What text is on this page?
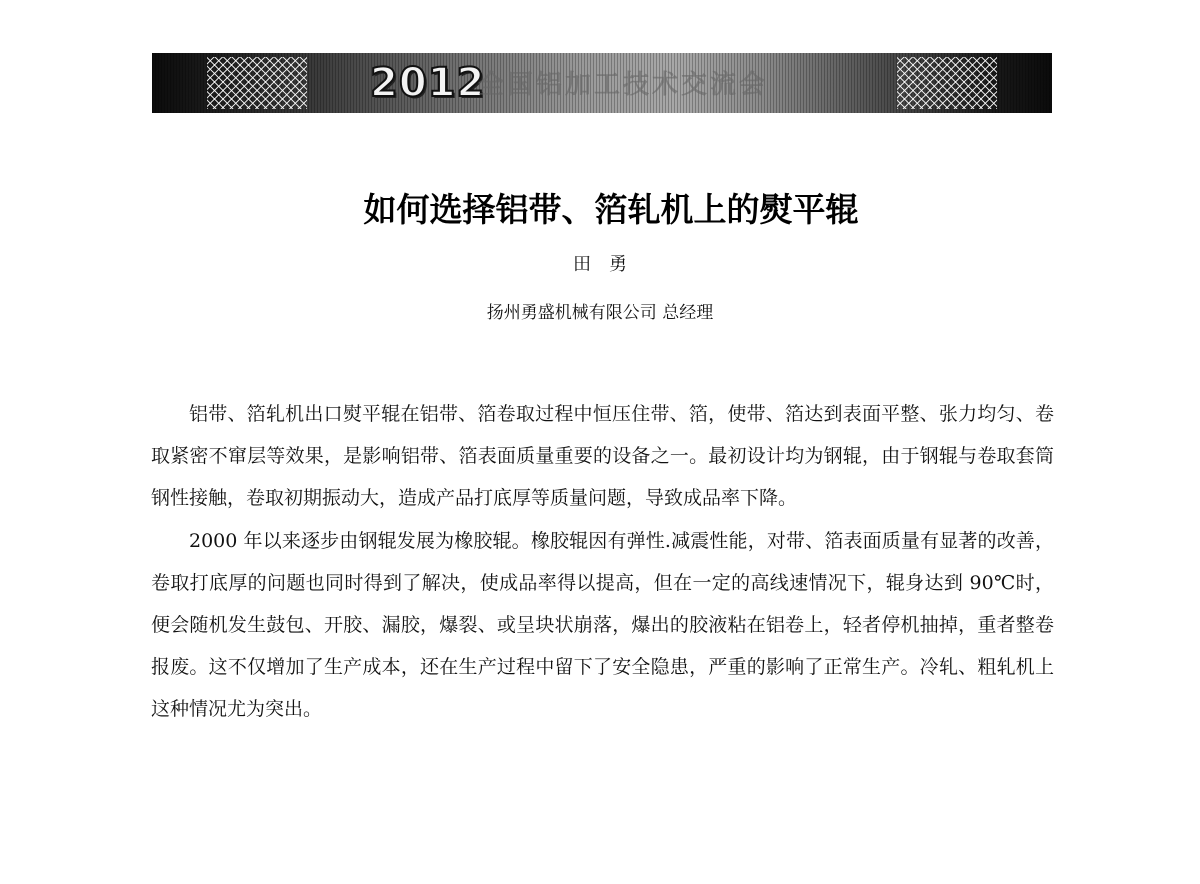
2012
全国铝加工技术交流会
如何选择铝带、箔轧机上的熨平辊
田勇
扬州勇盛机械有限公司 总经理

铝带、箔轧机出口熨平辊在铝带、箔卷取过程中恒压住带、箔，使带、箔达到表面平整、张力均匀、卷取紧密不窜层等效果，是影响铝带、箔表面质量重要的设备之一。最初设计均为钢辊，由于钢辊与卷取套筒钢性接触，卷取初期振动大，造成产品打底厚等质量问题，导致成品率下降。

2000 年以来逐步由钢辊发展为橡胶辊。橡胶辊因有弹性.减震性能，对带、箔表面质量有显著的改善，卷取打底厚的问题也同时得到了解决，使成品率得以提高，但在一定的高线速情况下，辊身达到 90℃时，便会随机发生鼓包、开胶、漏胶，爆裂、或呈块状崩落，爆出的胶液粘在铝卷上，轻者停机抽掉，重者整卷报废。这不仅增加了生产成本，还在生产过程中留下了安全隐患，严重的影响了正常生产。冷轧、粗轧机上这种情况尤为突出。
